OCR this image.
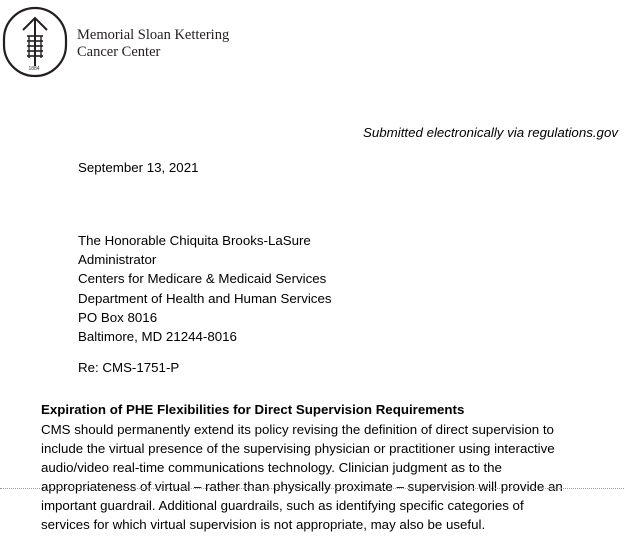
1884
Memorial Sloan Kettering
Cancer Center
Submitted electronically via regulations.gov
September 13, 2021
The Honorable Chiquita Brooks-LaSure
Administrator
Centers for Medicare & Medicaid Services
Department of Health and Human Services
PO Box 8016
Baltimore, MD 21244-8016
Re: CMS-1751-P
Expiration of PHE Flexibilities for Direct Supervision Requirements
CMS should permanently extend its policy revising the definition of direct supervision to
include the virtual presence of the supervising physician or practitioner using interactive
audio/video real-time communications technology. Clinician judgment as to the
appropriateness of virtual – rather than physically proximate – supervision will provide an
important guardrail. Additional guardrails, such as identifying specific categories of
services for which virtual supervision is not appropriate, may also be useful.
